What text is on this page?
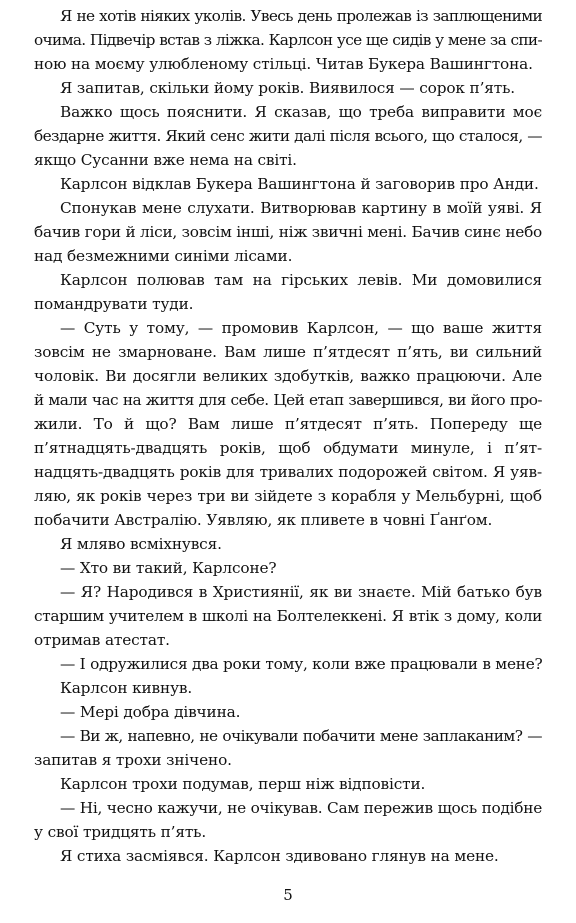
Я не хотів ніяких уколів. Увесь день пролежав із заплющеними
очима. Підвечір встав з ліжка. Карлсон усе ще сидів у мене за спи-
ною на моєму улюбленому стільці. Читав Букера Вашингтона.
Я запитав, скільки йому років. Виявилося — сорок п’ять.
Важко щось пояснити. Я сказав, що треба виправити моє
бездарне життя. Який сенс жити далі після всього, що сталося, —
якщо Сусанни вже нема на світі.
Карлсон відклав Букера Вашингтона й заговорив про Анди.
Спонукав мене слухати. Витворював картину в моїй уяві. Я
бачив гори й ліси, зовсім інші, ніж звичні мені. Бачив синє небо
над безмежними синіми лісами.
Карлсон полював там на гірських левів. Ми домовилися
помандрувати туди.
— Суть у тому, — промовив Карлсон, — що ваше життя
зовсім не змарноване. Вам лише п’ятдесят п’ять, ви сильний
чоловік. Ви досягли великих здобутків, важко працюючи. Але
й мали час на життя для себе. Цей етап завершився, ви його про-
жили. То й що? Вам лише п’ятдесят п’ять. Попереду ще
п’ятнадцять-двадцять років, щоб обдумати минуле, і п’ят-
надцять-двадцять років для тривалих подорожей світом. Я уяв-
ляю, як років через три ви зійдете з корабля у Мельбурні, щоб
побачити Австралію. Уявляю, як пливете в човні Ґанґом.
Я мляво всміхнувся.
— Хто ви такий, Карлсоне?
— Я? Народився в Християнії, як ви знаєте. Мій батько був
старшим учителем в школі на Болтелеккені. Я втік з дому, коли
отримав атестат.
— І одружилися два роки тому, коли вже працювали в мене?
Карлсон кивнув.
— Мері добра дівчина.
— Ви ж, напевно, не очікували побачити мене заплаканим? —
запитав я трохи знічено.
Карлсон трохи подумав, перш ніж відповісти.
— Ні, чесно кажучи, не очікував. Сам пережив щось подібне
у свої тридцять п’ять.
Я стиха засміявся. Карлсон здивовано глянув на мене.
5
